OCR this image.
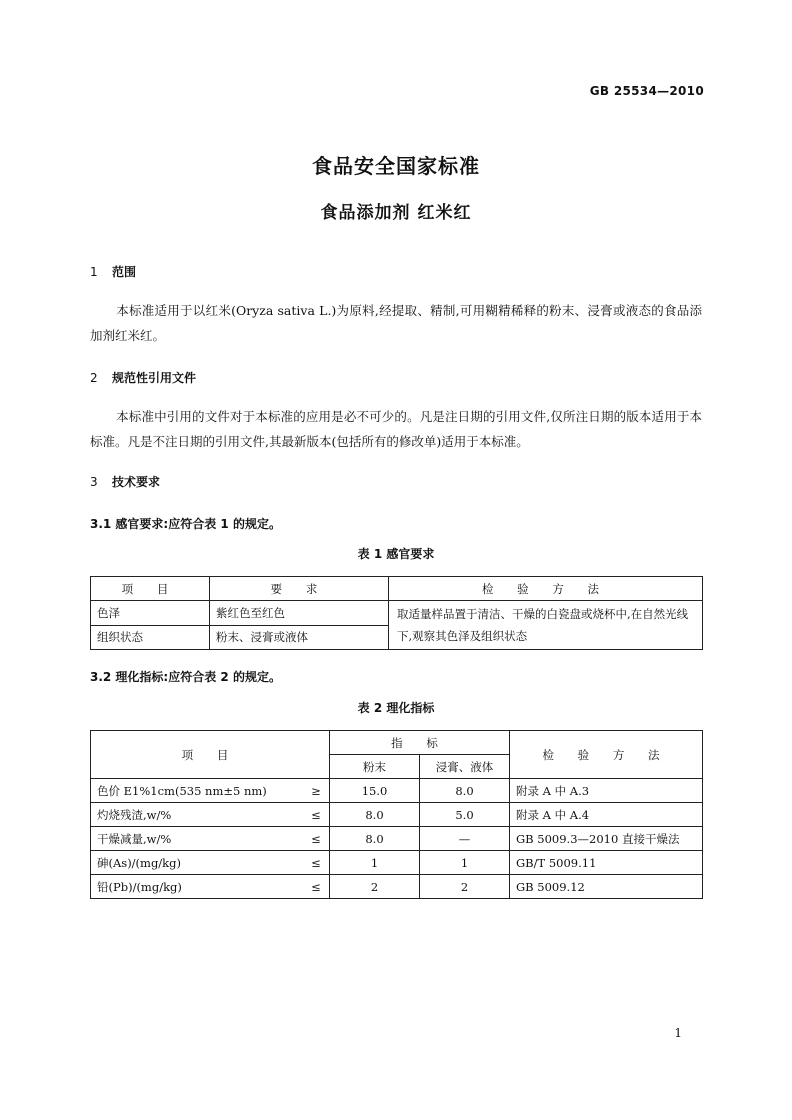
GB 25534—2010
食品安全国家标准
食品添加剂 红米红
1 范围
本标准适用于以红米(Oryza sativa L.)为原料,经提取、精制,可用糊精稀释的粉末、浸膏或液态的食品添加剂红米红。
2 规范性引用文件
本标准中引用的文件对于本标准的应用是必不可少的。凡是注日期的引用文件,仅所注日期的版本适用于本标准。凡是不注日期的引用文件,其最新版本(包括所有的修改单)适用于本标准。
3 技术要求
3.1 感官要求:应符合表 1 的规定。
表 1 感官要求
项 目	要 求	检 验 方 法
色泽	紫红色至红色	取适量样品置于清洁、干燥的白瓷盘或烧杯中,在自然光线下,观察其色泽及组织状态
组织状态	粉末、浸膏或液体	
3.2 理化指标:应符合表 2 的规定。
表 2 理化指标
项 目		指 标		检 验 方 法
		粉末	浸膏、液体	
色价 E1%1cm(535 nm±5 nm)	≥	15.0	8.0	附录 A 中 A.3
灼烧残渣,w/%	≤	8.0	5.0	附录 A 中 A.4
干燥减量,w/%	≤	8.0	—	GB 5009.3—2010 直接干燥法
砷(As)/(mg/kg)	≤	1	1	GB/T 5009.11
铅(Pb)/(mg/kg)	≤	2	2	GB 5009.12
1
